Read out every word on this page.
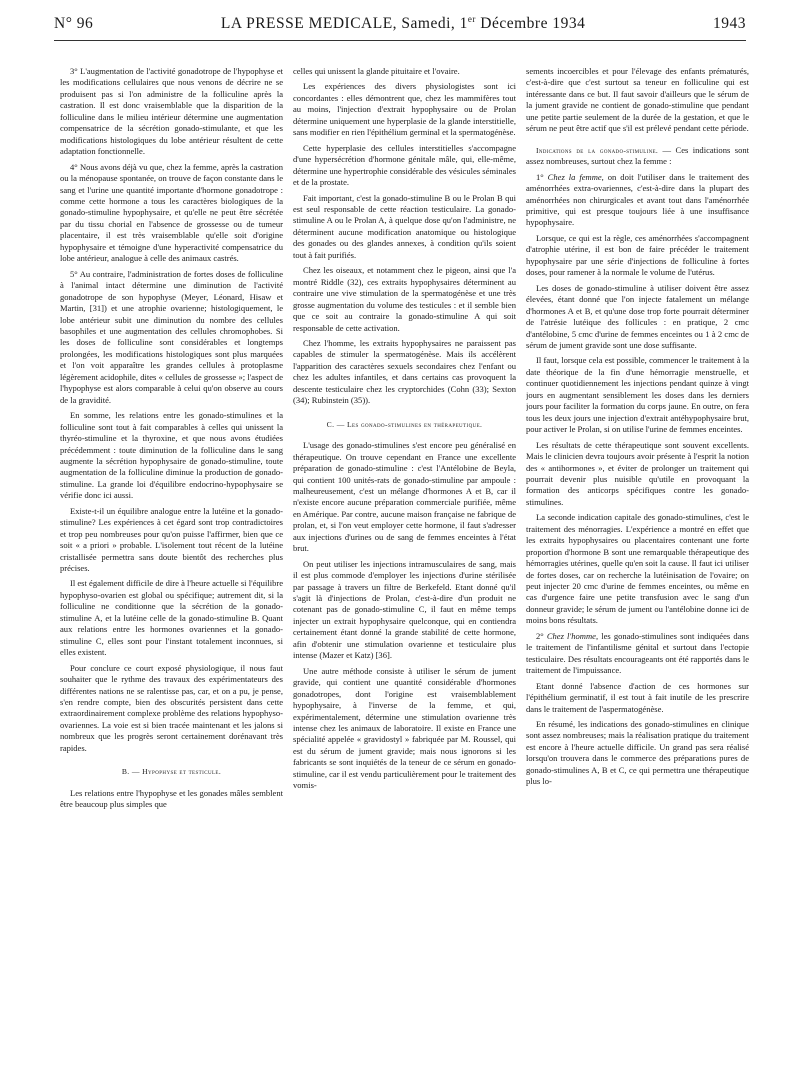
N° 96	LA PRESSE MEDICALE, Samedi, 1er Décembre 1934	1943

3° L'augmentation de l'activité gonadotrope de l'hypophyse et les modifications cellulaires que nous venons de décrire ne se produisent pas si l'on administre de la folliculine après la castration. Il est donc vraisemblable que la disparition de la folliculine dans le milieu intérieur détermine une augmentation compensatrice de la sécrétion gonado-stimulante, et que les modifications histologiques du lobe antérieur résultent de cette adaptation fonctionnelle.

4° Nous avons déjà vu que, chez la femme, après la castration ou la ménopause spontanée, on trouve de façon constante dans le sang et l'urine une quantité importante d'hormone gonadotrope : comme cette hormone a tous les caractères biologiques de la gonado-stimuline hypophysaire, et qu'elle ne peut être sécrétée par du tissu chorial en l'absence de grossesse ou de tumeur placentaire, il est très vraisemblable qu'elle soit d'origine hypophysaire et témoigne d'une hyperactivité compensatrice du lobe antérieur, analogue à celle des animaux castrés.

5° Au contraire, l'administration de fortes doses de folliculine à l'animal intact détermine une diminution de l'activité gonadotrope de son hypophyse (Meyer, Léonard, Hisaw et Martin, [31]) et une atrophie ovarienne; histologiquement, le lobe antérieur subit une diminution du nombre des cellules basophiles et une augmentation des cellules chromophobes. Si les doses de folliculine sont considérables et longtemps prolongées, les modifications histologiques sont plus marquées et l'on voit apparaître les grandes cellules à protoplasme légèrement acidophile, dites « cellules de grossesse »; l'aspect de l'hypophyse est alors comparable à celui qu'on observe au cours de la gravidité.

En somme, les relations entre les gonado-stimulines et la folliculine sont tout à fait comparables à celles qui unissent la thyréo-stimuline et la thyroxine, et que nous avons étudiées précédemment : toute diminution de la folliculine dans le sang augmente la sécrétion hypophysaire de gonado-stimuline, toute augmentation de la folliculine diminue la production de gonado-stimuline. La grande loi d'équilibre endocrino-hypophysaire se vérifie donc ici aussi.

Existe-t-il un équilibre analogue entre la lutéine et la gonado-stimuline? Les expériences à cet égard sont trop contradictoires et trop peu nombreuses pour qu'on puisse l'affirmer, bien que ce soit « a priori » probable. L'isolement tout récent de la lutéine cristallisée permettra sans doute bientôt des recherches plus précises.

Il est également difficile de dire à l'heure actuelle si l'équilibre hypophyso-ovarien est global ou spécifique; autrement dit, si la folliculine ne conditionne que la sécrétion de la gonado-stimuline A, et la lutéine celle de la gonado-stimuline B. Quant aux relations entre les hormones ovariennes et la gonado-stimuline C, elles sont pour l'instant totalement inconnues, si elles existent.

Pour conclure ce court exposé physiologique, il nous faut souhaiter que le rythme des travaux des expérimentateurs des différentes nations ne se ralentisse pas, car, et on a pu, je pense, s'en rendre compte, bien des obscurités persistent dans cette extraordinairement complexe problème des relations hypophyso-ovariennes. La voie est si bien tracée maintenant et les jalons si nombreux que les progrès seront certainement dorénavant très rapides.

B. — Hypophyse et testicule.

Les relations entre l'hypophyse et les gonades mâles semblent être beaucoup plus simples que

celles qui unissent la glande pituitaire et l'ovaire.

Les expériences des divers physiologistes sont ici concordantes : elles démontrent que, chez les mammifères tout au moins, l'injection d'extrait hypophysaire ou de Prolan détermine uniquement une hyperplasie de la glande interstitielle, sans modifier en rien l'épithélium germinal et la spermatogénèse.

Cette hyperplasie des cellules interstitielles s'accompagne d'une hypersécrétion d'hormone génitale mâle, qui, elle-même, détermine une hypertrophie considérable des vésicules séminales et de la prostate.

Fait important, c'est la gonado-stimuline B ou le Prolan B qui est seul responsable de cette réaction testiculaire. La gonado-stimuline A ou le Prolan A, à quelque dose qu'on l'administre, ne déterminent aucune modification anatomique ou histologique des gonades ou des glandes annexes, à condition qu'ils soient tout à fait purifiés.

Chez les oiseaux, et notamment chez le pigeon, ainsi que l'a montré Riddle (32), ces extraits hypophysaires déterminent au contraire une vive stimulation de la spermatogénèse et une très grosse augmentation du volume des testicules : et il semble bien que ce soit au contraire la gonado-stimuline A qui soit responsable de cette activation.

Chez l'homme, les extraits hypophysaires ne paraissent pas capables de stimuler la spermatogénèse. Mais ils accélèrent l'apparition des caractères sexuels secondaires chez l'enfant ou chez les adultes infantiles, et dans certains cas provoquent la descente testiculaire chez les cryptorchides (Cohn (33); Sexton (34); Rubinstein (35)).

C. — Les gonado-stimulines en thérapeutique.

L'usage des gonado-stimulines s'est encore peu généralisé en thérapeutique. On trouve cependant en France une excellente préparation de gonado-stimuline : c'est l'Antélobine de Beyla, qui contient 100 unités-rats de gonado-stimuline par ampoule : malheureusement, c'est un mélange d'hormones A et B, car il n'existe encore aucune préparation commerciale purifiée, même en Amérique. Par contre, aucune maison française ne fabrique de prolan, et, si l'on veut employer cette hormone, il faut s'adresser aux injections d'urines ou de sang de femmes enceintes à l'état brut.

On peut utiliser les injections intramusculaires de sang, mais il est plus commode d'employer les injections d'urine stérilisée par passage à travers un filtre de Berkefeld. Etant donné qu'il s'agit là d'injections de Prolan, c'est-à-dire d'un produit ne cotenant pas de gonado-stimuline C, il faut en même temps injecter un extrait hypophysaire quelconque, qui en contiendra certainement étant donné la grande stabilité de cette hormone, afin d'obtenir une stimulation ovarienne et testiculaire plus intense (Mazer et Katz) [36].

Une autre méthode consiste à utiliser le sérum de jument gravide, qui contient une quantité considérable d'hormones gonadotropes, dont l'origine est vraisemblablement hypophysaire, à l'inverse de la femme, et qui, expérimentalement, détermine une stimulation ovarienne très intense chez les animaux de laboratoire. Il existe en France une spécialité appelée « gravidostyl » fabriquée par M. Roussel, qui est du sérum de jument gravide; mais nous ignorons si les fabricants se sont inquiétés de la teneur de ce sérum en gonado-stimuline, car il est vendu particulièrement pour le traitement des vomis-

sements incoercibles et pour l'élevage des enfants prématurés, c'est-à-dire que c'est surtout sa teneur en folliculine qui est intéressante dans ce but. Il faut savoir d'ailleurs que le sérum de la jument gravide ne contient de gonado-stimuline que pendant une petite partie seulement de la durée de la gestation, et que le sérum ne peut être actif que s'il est prélevé pendant cette période.

Indications de la gonado-stimuline. — Ces indications sont assez nombreuses, surtout chez la femme :

1° Chez la femme, on doit l'utiliser dans le traitement des aménorrhées extra-ovariennes, c'est-à-dire dans la plupart des aménorrhées non chirurgicales et avant tout dans l'aménorrhée primitive, qui est presque toujours liée à une insuffisance hypophysaire.

Lorsque, ce qui est la règle, ces aménorrhées s'accompagnent d'atrophie utérine, il est bon de faire précéder le traitement hypophysaire par une série d'injections de folliculine à fortes doses, pour ramener à la normale le volume de l'utérus.

Les doses de gonado-stimuline à utiliser doivent être assez élevées, étant donné que l'on injecte fatalement un mélange d'hormones A et B, et qu'une dose trop forte pourrait déterminer de l'atrésie lutéique des follicules : en pratique, 2 cmc d'antélobine, 5 cmc d'urine de femmes enceintes ou 1 à 2 cmc de sérum de jument gravide sont une dose suffisante.

Il faut, lorsque cela est possible, commencer le traitement à la date théorique de la fin d'une hémorragie menstruelle, et continuer quotidiennement les injections pendant quinze à vingt jours en augmentant sensiblement les doses dans les derniers jours pour faciliter la formation du corps jaune. En outre, on fera tous les deux jours une injection d'extrait antéhypophysaire brut, pour activer le Prolan, si on utilise l'urine de femmes enceintes.

Les résultats de cette thérapeutique sont souvent excellents. Mais le clinicien devra toujours avoir présente à l'esprit la notion des « antihormones », et éviter de prolonger un traitement qui pourrait devenir plus nuisible qu'utile en provoquant la formation des anticorps spécifiques contre les gonado-stimulines.

La seconde indication capitale des gonado-stimulines, c'est le traitement des ménorragies. L'expérience a montré en effet que les extraits hypophysaires ou placentaires contenant une forte proportion d'hormone B sont une remarquable thérapeutique des hémorragies utérines, quelle qu'en soit la cause. Il faut ici utiliser de fortes doses, car on recherche la lutéinisation de l'ovaire; on peut injecter 20 cmc d'urine de femmes enceintes, ou même en cas d'urgence faire une petite transfusion avec le sang d'un donneur gravide; le sérum de jument ou l'antélobine donne ici de moins bons résultats.

2° Chez l'homme, les gonado-stimulines sont indiquées dans le traitement de l'infantilisme génital et surtout dans l'ectopie testiculaire. Des résultats encourageants ont été rapportés dans le traitement de l'impuissance.

Etant donné l'absence d'action de ces hormones sur l'épithélium germinatif, il est tout à fait inutile de les prescrire dans le traitement de l'aspermatogénèse.

En résumé, les indications des gonado-stimulines en clinique sont assez nombreuses; mais la réalisation pratique du traitement est encore à l'heure actuelle difficile. Un grand pas sera réalisé lorsqu'on trouvera dans le commerce des préparations pures de gonado-stimulines A, B et C, ce qui permettra une thérapeutique plus lo-
